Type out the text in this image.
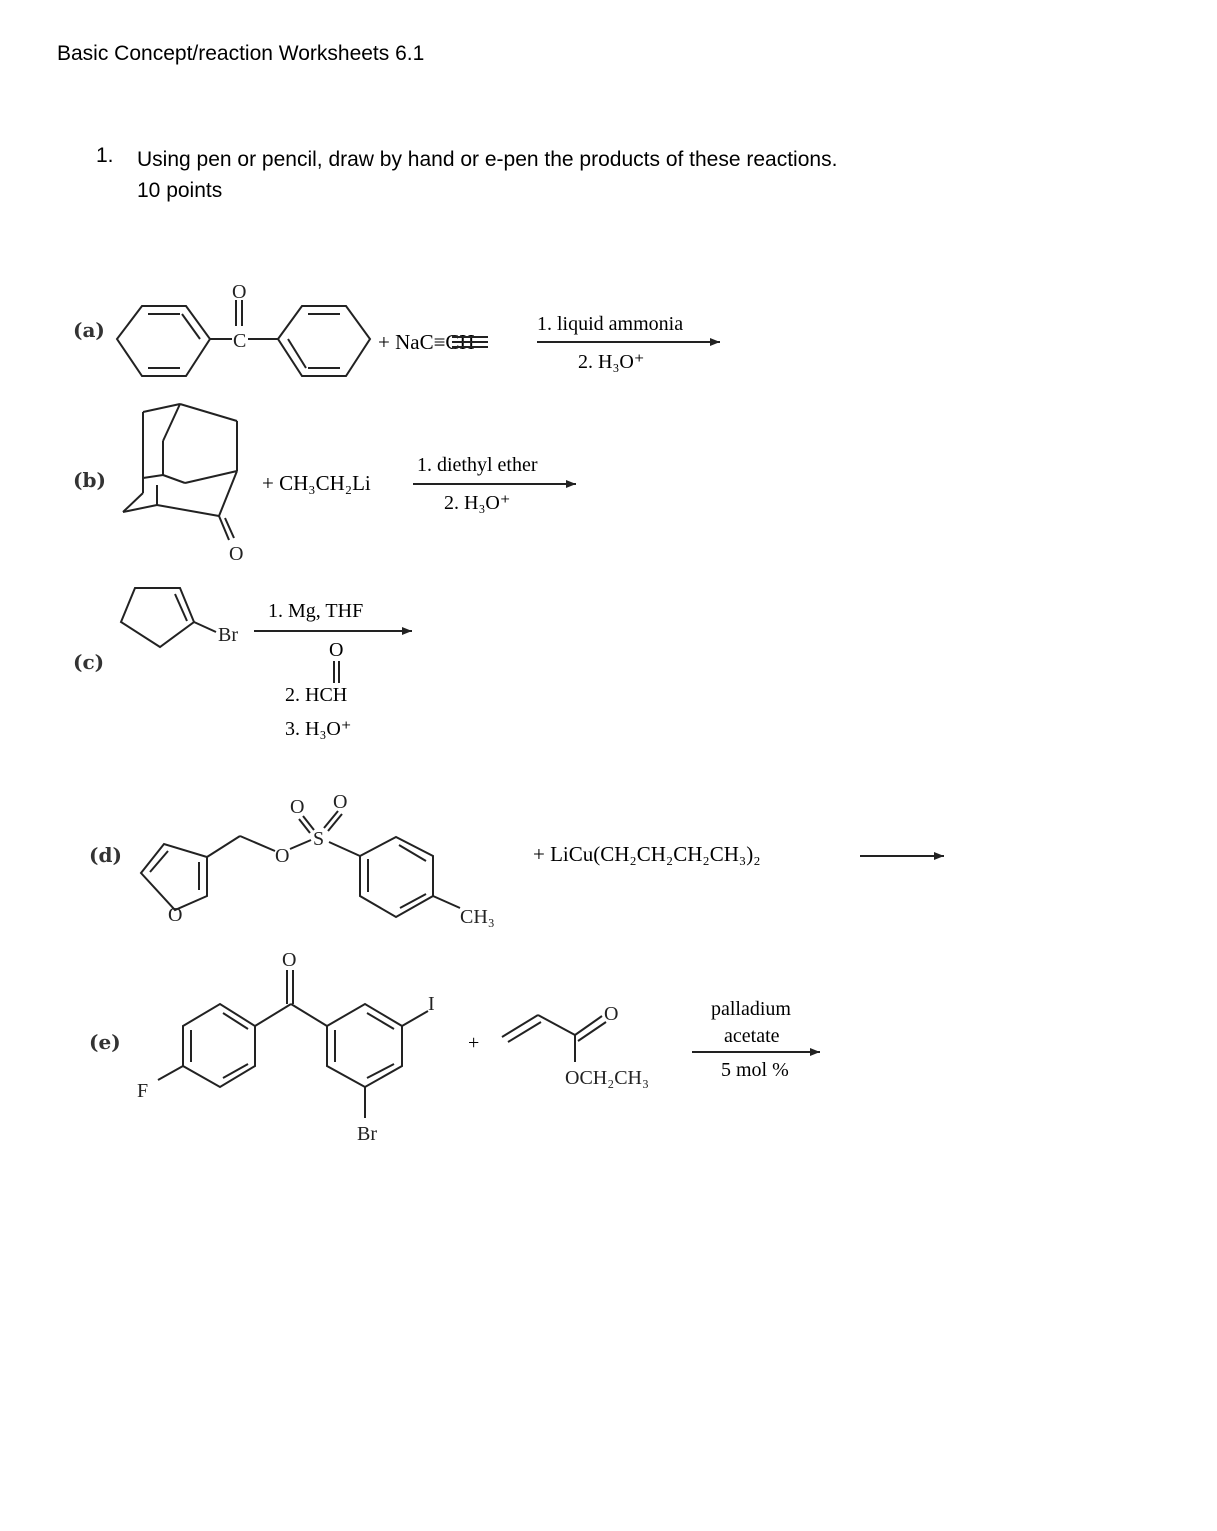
Basic Concept/reaction Worksheets 6.1
1. Using pen or pencil, draw by hand or e-pen the products of these reactions.
10 points
(a)
(b)
(c)
(d)
(e)
+ NaC≡CH
1. liquid ammonia
2. H₃O⁺
+ CH₃CH₂Li
1. diethyl ether
2. H₃O⁺
1. Mg, THF
O
2. HCH
3. H₃O⁺
+ LiCu(CH₂CH₂CH₂CH₃)₂
+
palladium
acetate
5 mol %
O
C
O
Br
O
O
S
O O
CH₃
O
I
F
Br
O
OCH₂CH₃
